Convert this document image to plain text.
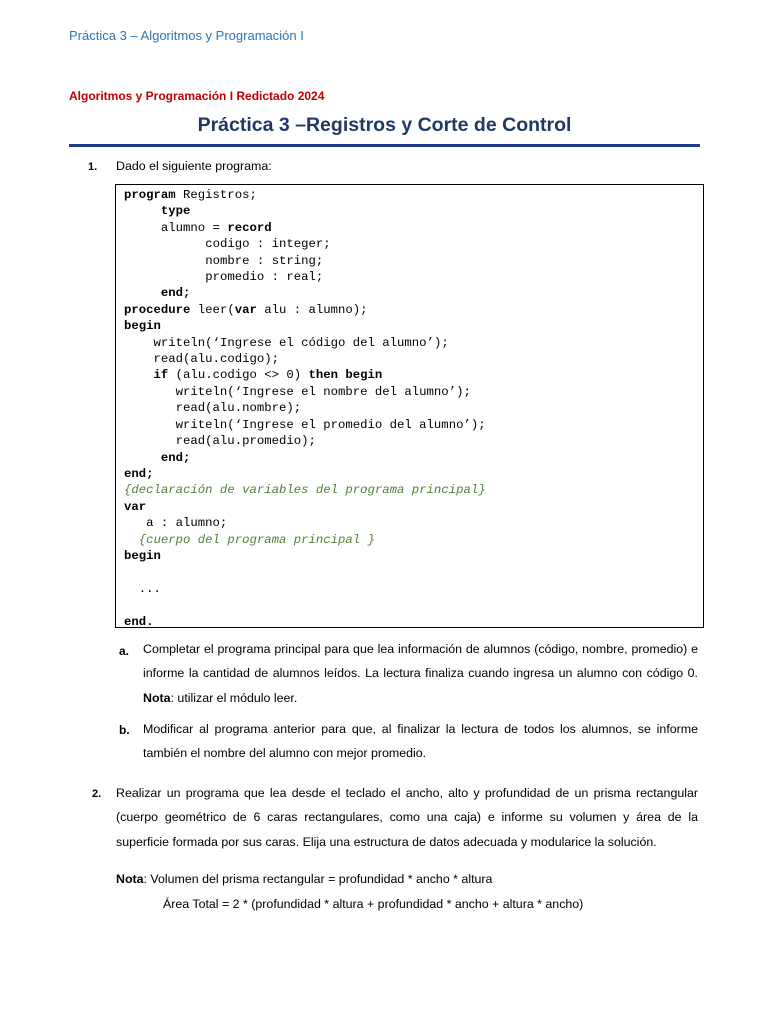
Práctica 3 – Algoritmos y Programación I
Algoritmos y Programación I Redictado 2024
Práctica 3 –Registros y Corte de Control
1. Dado el siguiente programa:
program Registros;
type
alumno = record
codigo : integer;
nombre : string;
promedio : real;
end;
procedure leer(var alu : alumno);
begin
writeln(‘Ingrese el código del alumno’);
read(alu.codigo);
if (alu.codigo <> 0) then begin
writeln(‘Ingrese el nombre del alumno’);
read(alu.nombre);
writeln(‘Ingrese el promedio del alumno’);
read(alu.promedio);
end;
end;
{declaración de variables del programa principal}
var
a : alumno;
{cuerpo del programa principal }
begin

...

end.

a. Completar el programa principal para que lea información de alumnos (código, nombre, promedio) e informe la cantidad de alumnos leídos. La lectura finaliza cuando ingresa un alumno con código 0. Nota: utilizar el módulo leer.
b. Modificar al programa anterior para que, al finalizar la lectura de todos los alumnos, se informe también el nombre del alumno con mejor promedio.
2. Realizar un programa que lea desde el teclado el ancho, alto y profundidad de un prisma rectangular (cuerpo geométrico de 6 caras rectangulares, como una caja) e informe su volumen y área de la superficie formada por sus caras. Elija una estructura de datos adecuada y modularice la solución.
Nota: Volumen del prisma rectangular = profundidad * ancho * altura
Área Total = 2 * (profundidad * altura + profundidad * ancho + altura * ancho)
